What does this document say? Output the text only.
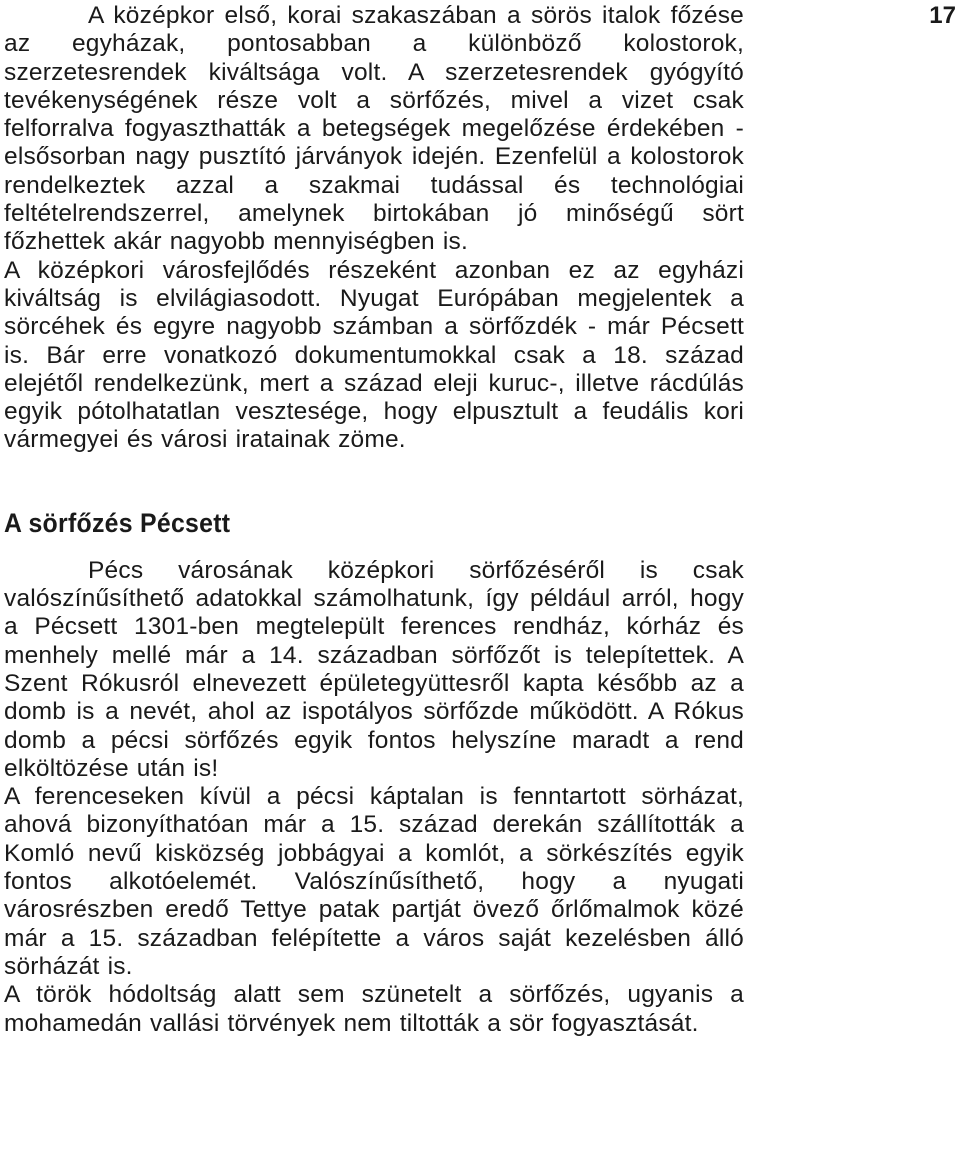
17

A középkor első, korai szakaszában a sörös italok főzése az egyházak, pontosabban a különböző kolostorok, szerzetesrendek kiváltsága volt. A szerzetesrendek gyógyító tevékenységének része volt a sörfőzés, mivel a vizet csak felforralva fogyaszthatták a betegségek megelőzése érdekében - elsősorban nagy pusztító járványok idején. Ezenfelül a kolostorok rendelkeztek azzal a szakmai tudással és technológiai feltételrendszerrel, amelynek birtokában jó minőségű sört főzhettek akár nagyobb mennyiségben is.

A középkori városfejlődés részeként azonban ez az egyházi kiváltság is elvilágiasodott. Nyugat Európában megjelentek a sörcéhek és egyre nagyobb számban a sörfőzdék - már Pécsett is. Bár erre vonatkozó dokumentumokkal csak a 18. század elejétől rendelkezünk, mert a század eleji kuruc-, illetve rácdúlás egyik pótolhatatlan vesztesége, hogy elpusztult a feudális kori vármegyei és városi iratainak zöme.

A sörfőzés Pécsett

Pécs városának középkori sörfőzéséről is csak valószínűsíthető adatokkal számolhatunk, így például arról, hogy a Pécsett 1301-ben megtelepült ferences rendház, kórház és menhely mellé már a 14. században sörfőzőt is telepítettek. A Szent Rókusról elnevezett épületegyüttesről kapta később az a domb is a nevét, ahol az ispotályos sörfőzde működött. A Rókus domb a pécsi sörfőzés egyik fontos helyszíne maradt a rend elköltözése után is!

A ferenceseken kívül a pécsi káptalan is fenntartott sörházat, ahová bizonyíthatóan már a 15. század derekán szállították a Komló nevű kisközség jobbágyai a komlót, a sörkészítés egyik fontos alkotóelemét. Valószínűsíthető, hogy a nyugati városrészben eredő Tettye patak partját övező őrlőmalmok közé már a 15. században felépítette a város saját kezelésben álló sörházát is.

A török hódoltság alatt sem szünetelt a sörfőzés, ugyanis a mohamedán vallási törvények nem tiltották a sör fogyasztását.
